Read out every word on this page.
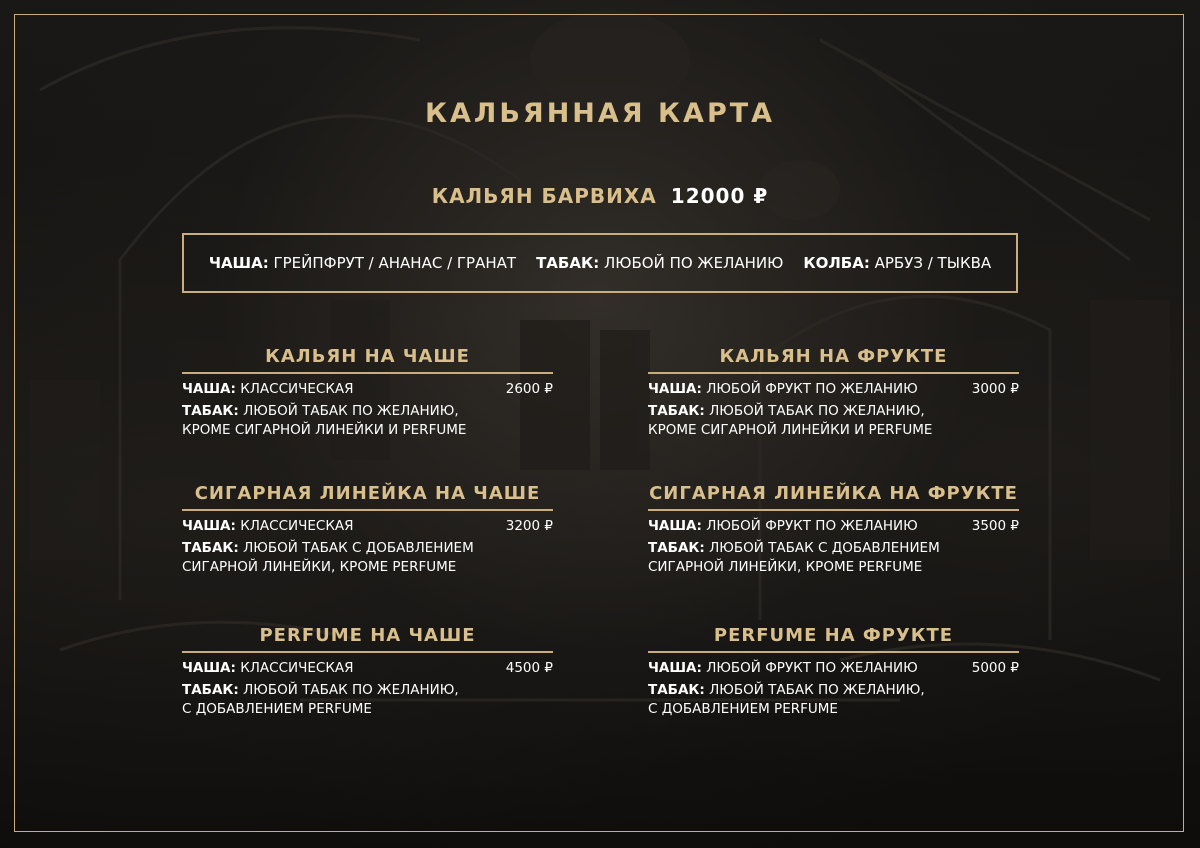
КАЛЬЯННАЯ КАРТА
КАЛЬЯН БАРВИХА 12000 ₽
ЧАША: ГРЕЙПФРУТ / АНАНАС / ГРАНАТ ТАБАК: ЛЮБОЙ ПО ЖЕЛАНИЮ КОЛБА: АРБУЗ / ТЫКВА
КАЛЬЯН НА ЧАШЕ
ЧАША: КЛАССИЧЕСКАЯ	2600 ₽
ТАБАК: ЛЮБОЙ ТАБАК ПО ЖЕЛАНИЮ,
КРОМЕ СИГАРНОЙ ЛИНЕЙКИ И PERFUME
КАЛЬЯН НА ФРУКТЕ
ЧАША: ЛЮБОЙ ФРУКТ ПО ЖЕЛАНИЮ	3000 ₽
ТАБАК: ЛЮБОЙ ТАБАК ПО ЖЕЛАНИЮ,
КРОМЕ СИГАРНОЙ ЛИНЕЙКИ И PERFUME
СИГАРНАЯ ЛИНЕЙКА НА ЧАШЕ
ЧАША: КЛАССИЧЕСКАЯ	3200 ₽
ТАБАК: ЛЮБОЙ ТАБАК С ДОБАВЛЕНИЕМ
СИГАРНОЙ ЛИНЕЙКИ, КРОМЕ PERFUME
СИГАРНАЯ ЛИНЕЙКА НА ФРУКТЕ
ЧАША: ЛЮБОЙ ФРУКТ ПО ЖЕЛАНИЮ	3500 ₽
ТАБАК: ЛЮБОЙ ТАБАК С ДОБАВЛЕНИЕМ
СИГАРНОЙ ЛИНЕЙКИ, КРОМЕ PERFUME
PERFUME НА ЧАШЕ
ЧАША: КЛАССИЧЕСКАЯ	4500 ₽
ТАБАК: ЛЮБОЙ ТАБАК ПО ЖЕЛАНИЮ,
С ДОБАВЛЕНИЕМ PERFUME
PERFUME НА ФРУКТЕ
ЧАША: ЛЮБОЙ ФРУКТ ПО ЖЕЛАНИЮ	5000 ₽
ТАБАК: ЛЮБОЙ ТАБАК ПО ЖЕЛАНИЮ,
С ДОБАВЛЕНИЕМ PERFUME
